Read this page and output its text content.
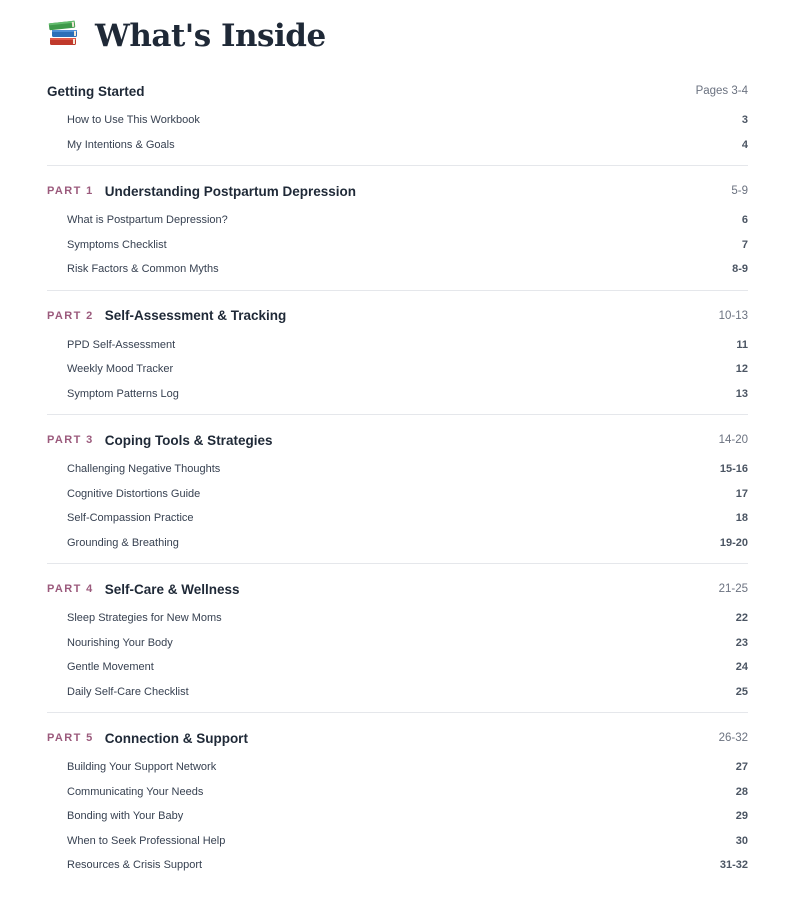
What's Inside
Getting Started	Pages 3-4
How to Use This Workbook	3
My Intentions & Goals	4
PART 1 Understanding Postpartum Depression	5-9
What is Postpartum Depression?	6
Symptoms Checklist	7
Risk Factors & Common Myths	8-9
PART 2 Self-Assessment & Tracking	10-13
PPD Self-Assessment	11
Weekly Mood Tracker	12
Symptom Patterns Log	13
PART 3 Coping Tools & Strategies	14-20
Challenging Negative Thoughts	15-16
Cognitive Distortions Guide	17
Self-Compassion Practice	18
Grounding & Breathing	19-20
PART 4 Self-Care & Wellness	21-25
Sleep Strategies for New Moms	22
Nourishing Your Body	23
Gentle Movement	24
Daily Self-Care Checklist	25
PART 5 Connection & Support	26-32
Building Your Support Network	27
Communicating Your Needs	28
Bonding with Your Baby	29
When to Seek Professional Help	30
Resources & Crisis Support	31-32
